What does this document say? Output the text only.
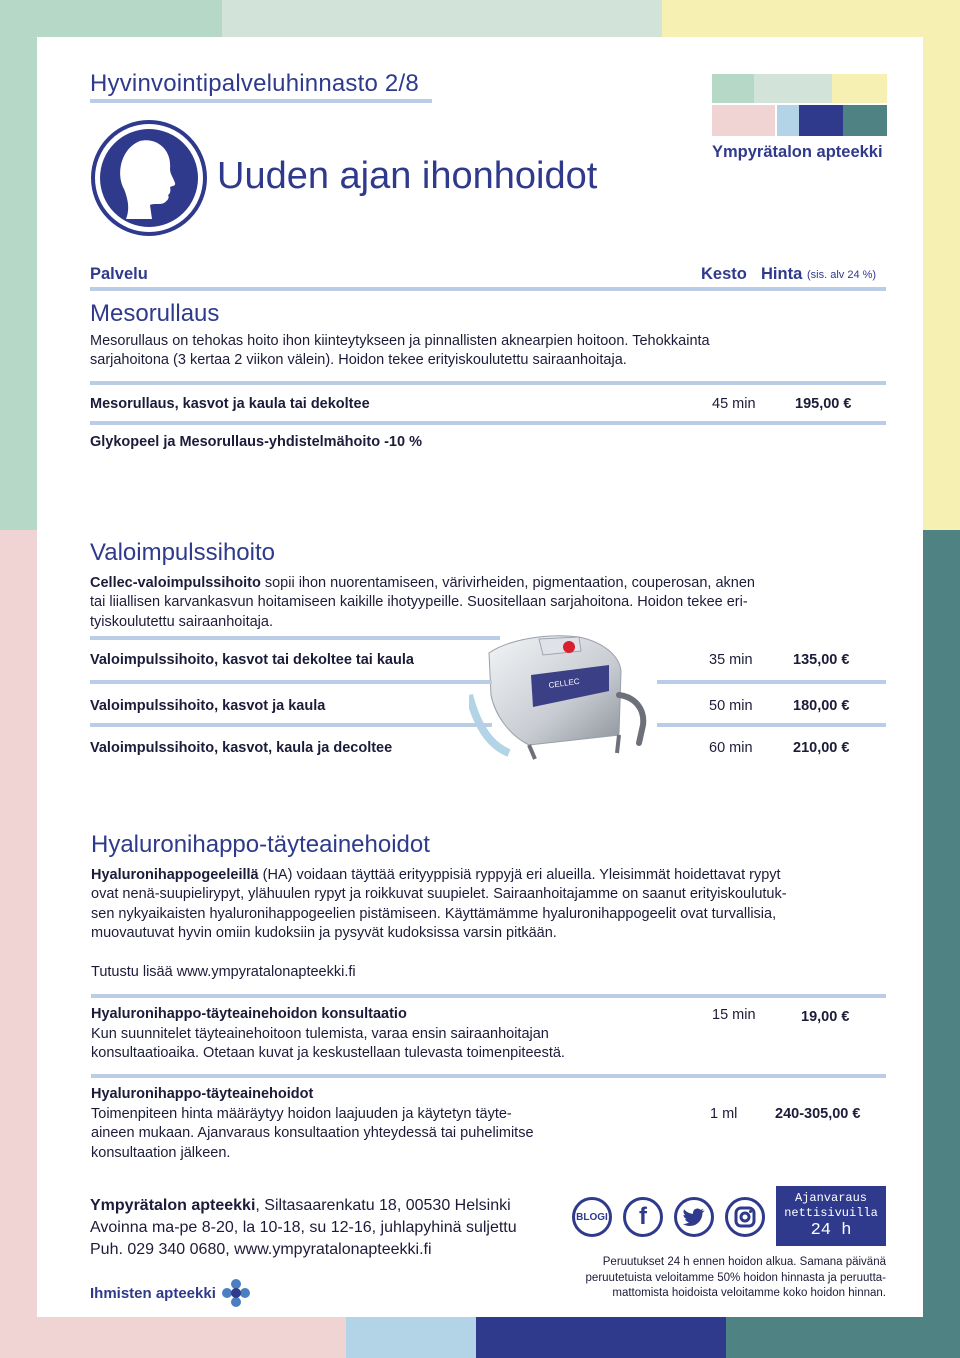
Hyvinvointipalveluhinnasto 2/8
Uuden ajan ihonhoidot
Ympyrätalon apteekki
Palvelu	Kesto Hinta (sis. alv 24 %)
Mesorullaus
Mesorullaus on tehokas hoito ihon kiinteytykseen ja pinnallisten aknearpien hoitoon. Tehokkainta
sarjahoitona (3 kertaa 2 viikon välein). Hoidon tekee erityiskoulutettu sairaanhoitaja.
Mesorullaus, kasvot ja kaula tai dekoltee	45 min	195,00 €
Glykopeel ja Mesorullaus-yhdistelmähoito -10 %
Valoimpulssihoito
Cellec-valoimpulssihoito sopii ihon nuorentamiseen, värivirheiden, pigmentaation, couperosan, aknen
tai liiallisen karvankasvun hoitamiseen kaikille ihotyypeille. Suositellaan sarjahoitona. Hoidon tekee eri-
tyiskoulutettu sairaanhoitaja.
CELLEC
Valoimpulssihoito, kasvot tai dekoltee tai kaula	35 min	135,00 €
Valoimpulssihoito, kasvot ja kaula	50 min	180,00 €
Valoimpulssihoito, kasvot, kaula ja decoltee	60 min	210,00 €
Hyaluronihappo-täyteainehoidot
Hyaluronihappogeeleillä (HA) voidaan täyttää erityyppisiä ryppyjä eri alueilla. Yleisimmät hoidettavat rypyt
ovat nenä-suupielirypyt, ylähuulen rypyt ja roikkuvat suupielet. Sairaanhoitajamme on saanut erityiskoulutuk-
sen nykyaikaisten hyaluronihappogeelien pistämiseen. Käyttämämme hyaluronihappogeelit ovat turvallisia,
muovautuvat hyvin omiin kudoksiin ja pysyvät kudoksissa varsin pitkään.
Tutustu lisää www.ympyratalonapteekki.fi
Hyaluronihappo-täyteainehoidon konsultaatio
Kun suunnitelet täyteainehoitoon tulemista, varaa ensin sairaanhoitajan
konsultaatioaika. Otetaan kuvat ja keskustellaan tulevasta toimenpiteestä.
15 min	19,00 €
Hyaluronihappo-täyteainehoidot
Toimenpiteen hinta määräytyy hoidon laajuuden ja käytetyn täyte-
aineen mukaan. Ajanvaraus konsultaation yhteydessä tai puhelimitse
konsultaation jälkeen.
1 ml	240-305,00 €
Ympyrätalon apteekki, Siltasaarenkatu 18, 00530 Helsinki
Avoinna ma-pe 8-20, la 10-18, su 12-16, juhlapyhinä suljettu
Puh. 029 340 0680, www.ympyratalonapteekki.fi
Ihmisten apteekki
BLOGI	f
Ajanvaraus
nettisivuilla
24 h
Peruutukset 24 h ennen hoidon alkua. Samana päivänä
peruutetuista veloitamme 50% hoidon hinnasta ja peruutta-
mattomista hoidoista veloitamme koko hoidon hinnan.
